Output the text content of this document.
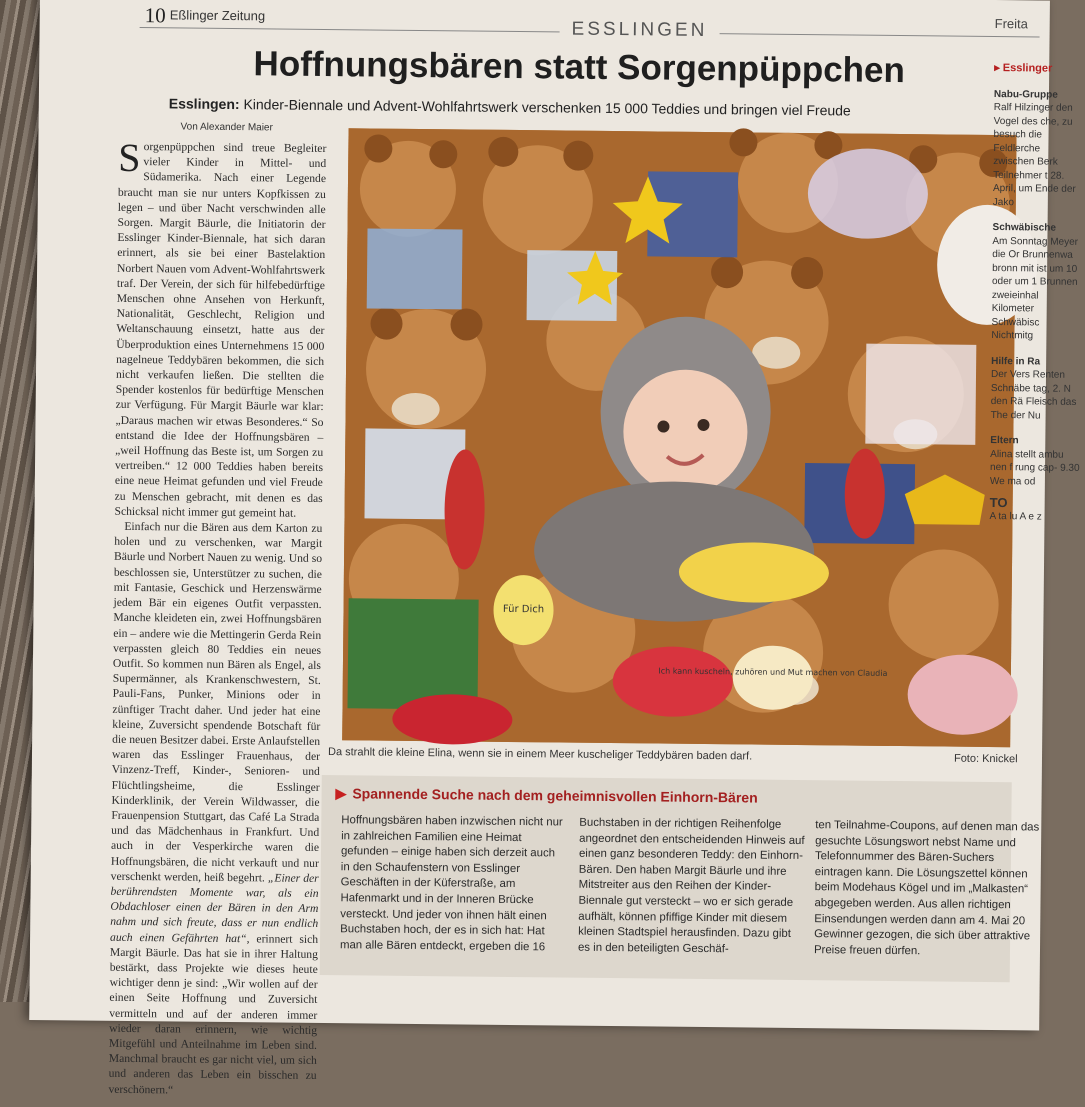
10 Eßlinger Zeitung
Freita
ESSLINGEN
Hoffnungsbären statt Sorgenpüppchen
Esslingen: Kinder-Biennale und Advent-Wohlfahrtswerk verschenken 15 000 Teddies und bringen viel Freude
Von Alexander Maier

Sorgenpüppchen sind treue Begleiter vieler Kinder in Mittel- und Südamerika. Nach einer Legende braucht man sie nur unters Kopfkissen zu legen – und über Nacht verschwinden alle Sorgen. Margit Bäurle, die Initiatorin der Esslinger Kinder-Biennale, hat sich daran erinnert, als sie bei einer Bastelaktion Norbert Nauen vom Advent-Wohlfahrtswerk traf. Der Verein, der sich für hilfebedürftige Menschen ohne Ansehen von Herkunft, Nationalität, Geschlecht, Religion und Weltanschauung einsetzt, hatte aus der Überproduktion eines Unternehmens 15 000 nagelneue Teddybären bekommen, die sich nicht verkaufen ließen. Die stellten die Spender kostenlos für bedürftige Menschen zur Verfügung. Für Margit Bäurle war klar: „Daraus machen wir etwas Besonderes.“ So entstand die Idee der Hoffnungsbären – „weil Hoffnung das Beste ist, um Sorgen zu vertreiben.“ 12 000 Teddies haben bereits eine neue Heimat gefunden und viel Freude zu Menschen gebracht, mit denen es das Schicksal nicht immer gut gemeint hat.

Einfach nur die Bären aus dem Karton zu holen und zu verschenken, war Margit Bäurle und Norbert Nauen zu wenig. Und so beschlossen sie, Unterstützer zu suchen, die mit Fantasie, Geschick und Herzenswärme jedem Bär ein eigenes Outfit verpassten. Manche kleideten ein, zwei Hoffnungsbären ein – andere wie die Mettingerin Gerda Rein verpassten gleich 80 Teddies ein neues Outfit. So kommen nun Bären als Engel, als Supermänner, als Krankenschwestern, St. Pauli-Fans, Punker, Minions oder in zünftiger Tracht daher. Und jeder hat eine kleine, Zuversicht spendende Botschaft für die neuen Besitzer dabei. Erste Anlaufstellen waren das Esslinger Frauenhaus, der Vinzenz-Treff, Kinder-, Senioren- und Flüchtlingsheime, die Esslinger Kinderklinik, der Verein Wildwasser, die Frauenpension Stuttgart, das Café La Strada und das Mädchenhaus in Frankfurt. Und auch in der Vesperkirche waren die Hoffnungsbären, die nicht verkauft und nur verschenkt werden, heiß begehrt. „Einer der berührendsten Momente war, als ein Obdachloser einen der Bären in den Arm nahm und sich freute, dass er nun endlich auch einen Gefährten hat“, erinnert sich Margit Bäurle. Das hat sie in ihrer Haltung bestärkt, dass Projekte wie dieses heute wichtiger denn je sind: „Wir wollen auf der einen Seite Hoffnung und Zuversicht vermitteln und auf der anderen immer wieder daran erinnern, wie wichtig Mitgefühl und Anteilnahme im Leben sind. Manchmal braucht es gar nicht viel, um sich und anderen das Leben ein bisschen zu verschönern.“

Für Dich
Ich kann kuscheln, zuhören und Mut machen von Claudia
Da strahlt die kleine Elina, wenn sie in einem Meer kuscheliger Teddybären baden darf.	Foto: Knickel
▶ Spannende Suche nach dem geheimnisvollen Einhorn-Bären
Hoffnungsbären haben inzwischen nicht nur in zahlreichen Familien eine Heimat gefunden – einige haben sich derzeit auch in den Schaufenstern von Esslinger Geschäften in der Küferstraße, am Hafenmarkt und in der Inneren Brücke versteckt. Und jeder von ihnen hält einen Buchstaben hoch, der es in sich hat: Hat man alle Bären entdeckt, ergeben die 16
Buchstaben in der richtigen Reihenfolge angeordnet den entscheidenden Hinweis auf einen ganz besonderen Teddy: den Einhorn-Bären. Den haben Margit Bäurle und ihre Mitstreiter aus den Reihen der Kinder-Biennale gut versteckt – wo er sich gerade aufhält, können pfiffige Kinder mit diesem kleinen Stadtspiel herausfinden. Dazu gibt es in den beteiligten Geschäf-
ten Teilnahme-Coupons, auf denen man das gesuchte Lösungswort nebst Name und Telefonnummer des Bären-Suchers eintragen kann. Die Lösungszettel können beim Modehaus Kögel und im „Malkasten“ abgegeben werden. Aus allen richtigen Einsendungen werden dann am 4. Mai 20 Gewinner gezogen, die sich über attraktive Preise freuen dürfen.
▸ Esslinger
Nabu-Gruppe
Ralf Hilzinger den Vogel des che, zu besuch die Feldlerche zwischen Berk Teilnehmer t 28. April, um Ende der Jako
Schwäbische
Am Sonntag Meyer die Or Brunnenwa bronn mit ist um 10 oder um 1 Brunnen zweieinhal Kilometer Schwäbisc Nichtmitg
Hilfe in Ra
Der Vers Renten Schnäbe tag, 2. N den Rä Fleisch das The der Nu
Eltern
Alina stellt ambu nen f rung cap- 9.30 We ma od
TO
A ta lu A e z
